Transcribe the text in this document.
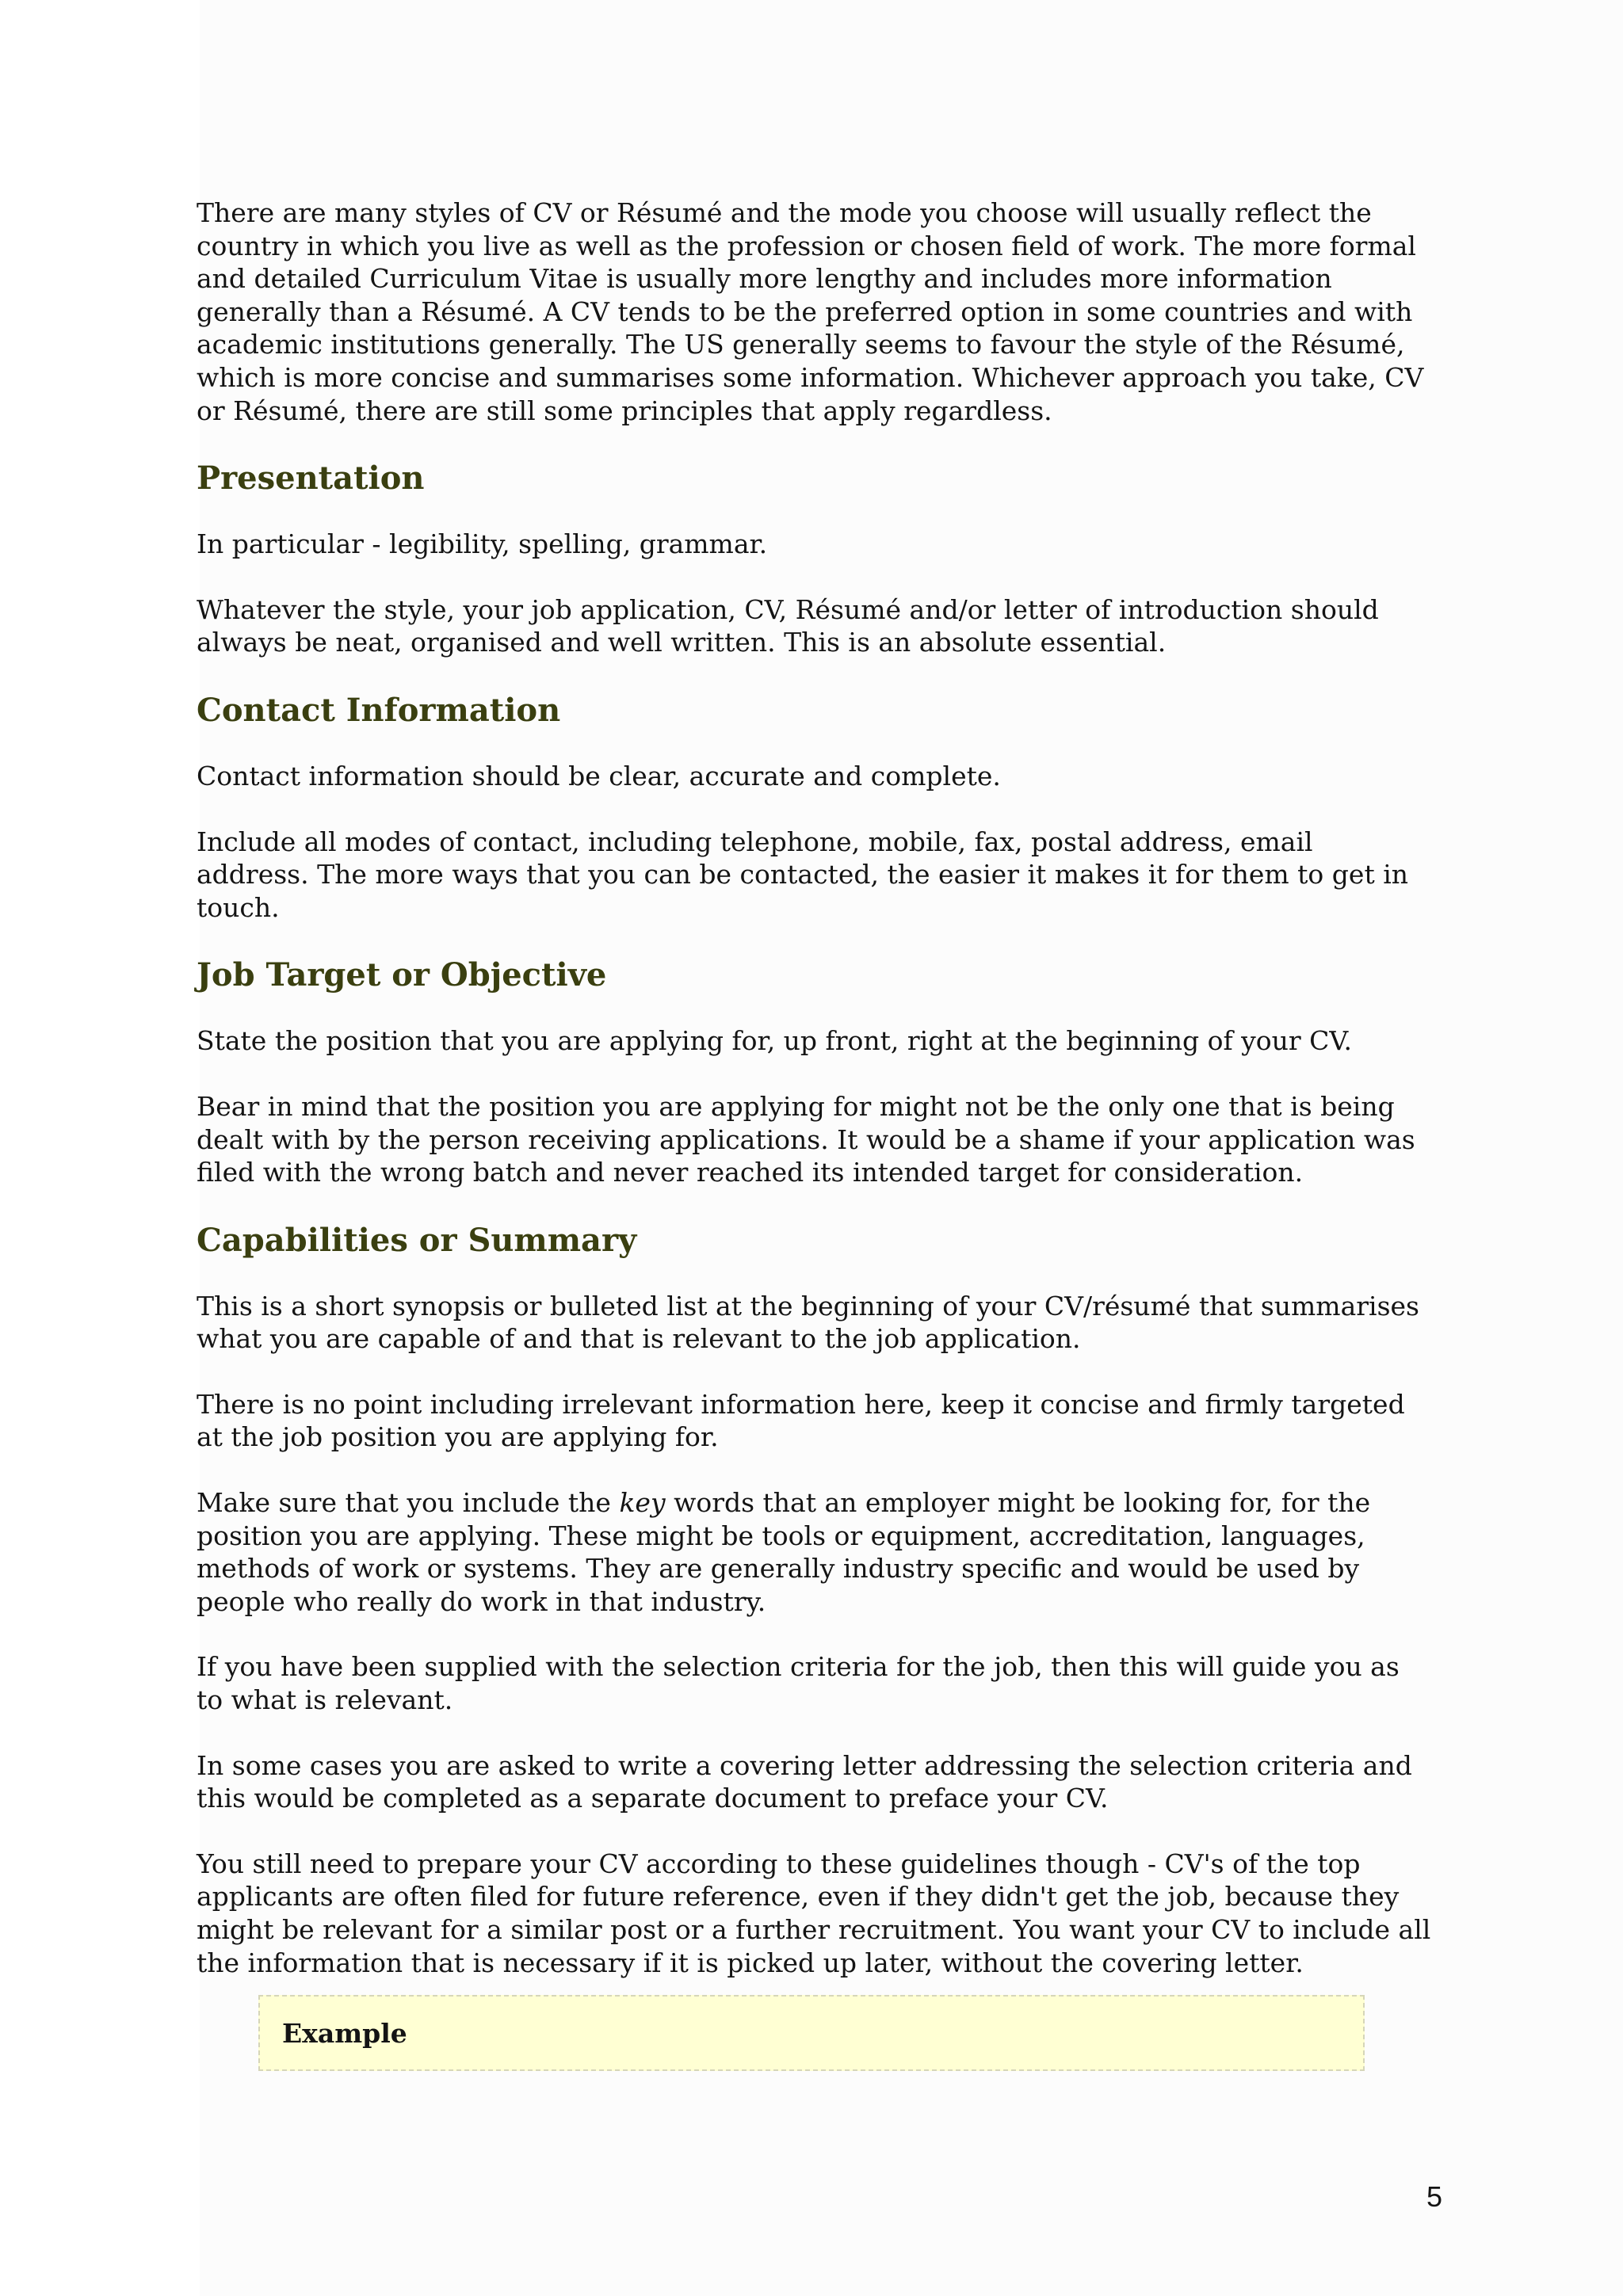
There are many styles of CV or Résumé and the mode you choose will usually reflect the country in which you live as well as the profession or chosen field of work. The more formal and detailed Curriculum Vitae is usually more lengthy and includes more information generally than a Résumé. A CV tends to be the preferred option in some countries and with academic institutions generally. The US generally seems to favour the style of the Résumé, which is more concise and summarises some information. Whichever approach you take, CV or Résumé, there are still some principles that apply regardless.

Presentation

In particular - legibility, spelling, grammar.

Whatever the style, your job application, CV, Résumé and/or letter of introduction should always be neat, organised and well written. This is an absolute essential.

Contact Information

Contact information should be clear, accurate and complete.

Include all modes of contact, including telephone, mobile, fax, postal address, email address. The more ways that you can be contacted, the easier it makes it for them to get in touch.

Job Target or Objective

State the position that you are applying for, up front, right at the beginning of your CV.

Bear in mind that the position you are applying for might not be the only one that is being dealt with by the person receiving applications. It would be a shame if your application was filed with the wrong batch and never reached its intended target for consideration.

Capabilities or Summary

This is a short synopsis or bulleted list at the beginning of your CV/résumé that summarises what you are capable of and that is relevant to the job application.

There is no point including irrelevant information here, keep it concise and firmly targeted at the job position you are applying for.

Make sure that you include the key words that an employer might be looking for, for the position you are applying. These might be tools or equipment, accreditation, languages, methods of work or systems. They are generally industry specific and would be used by people who really do work in that industry.

If you have been supplied with the selection criteria for the job, then this will guide you as to what is relevant.

In some cases you are asked to write a covering letter addressing the selection criteria and this would be completed as a separate document to preface your CV.

You still need to prepare your CV according to these guidelines though - CV's of the top applicants are often filed for future reference, even if they didn't get the job, because they might be relevant for a similar post or a further recruitment. You want your CV to include all the information that is necessary if it is picked up later, without the covering letter.

Example
5
